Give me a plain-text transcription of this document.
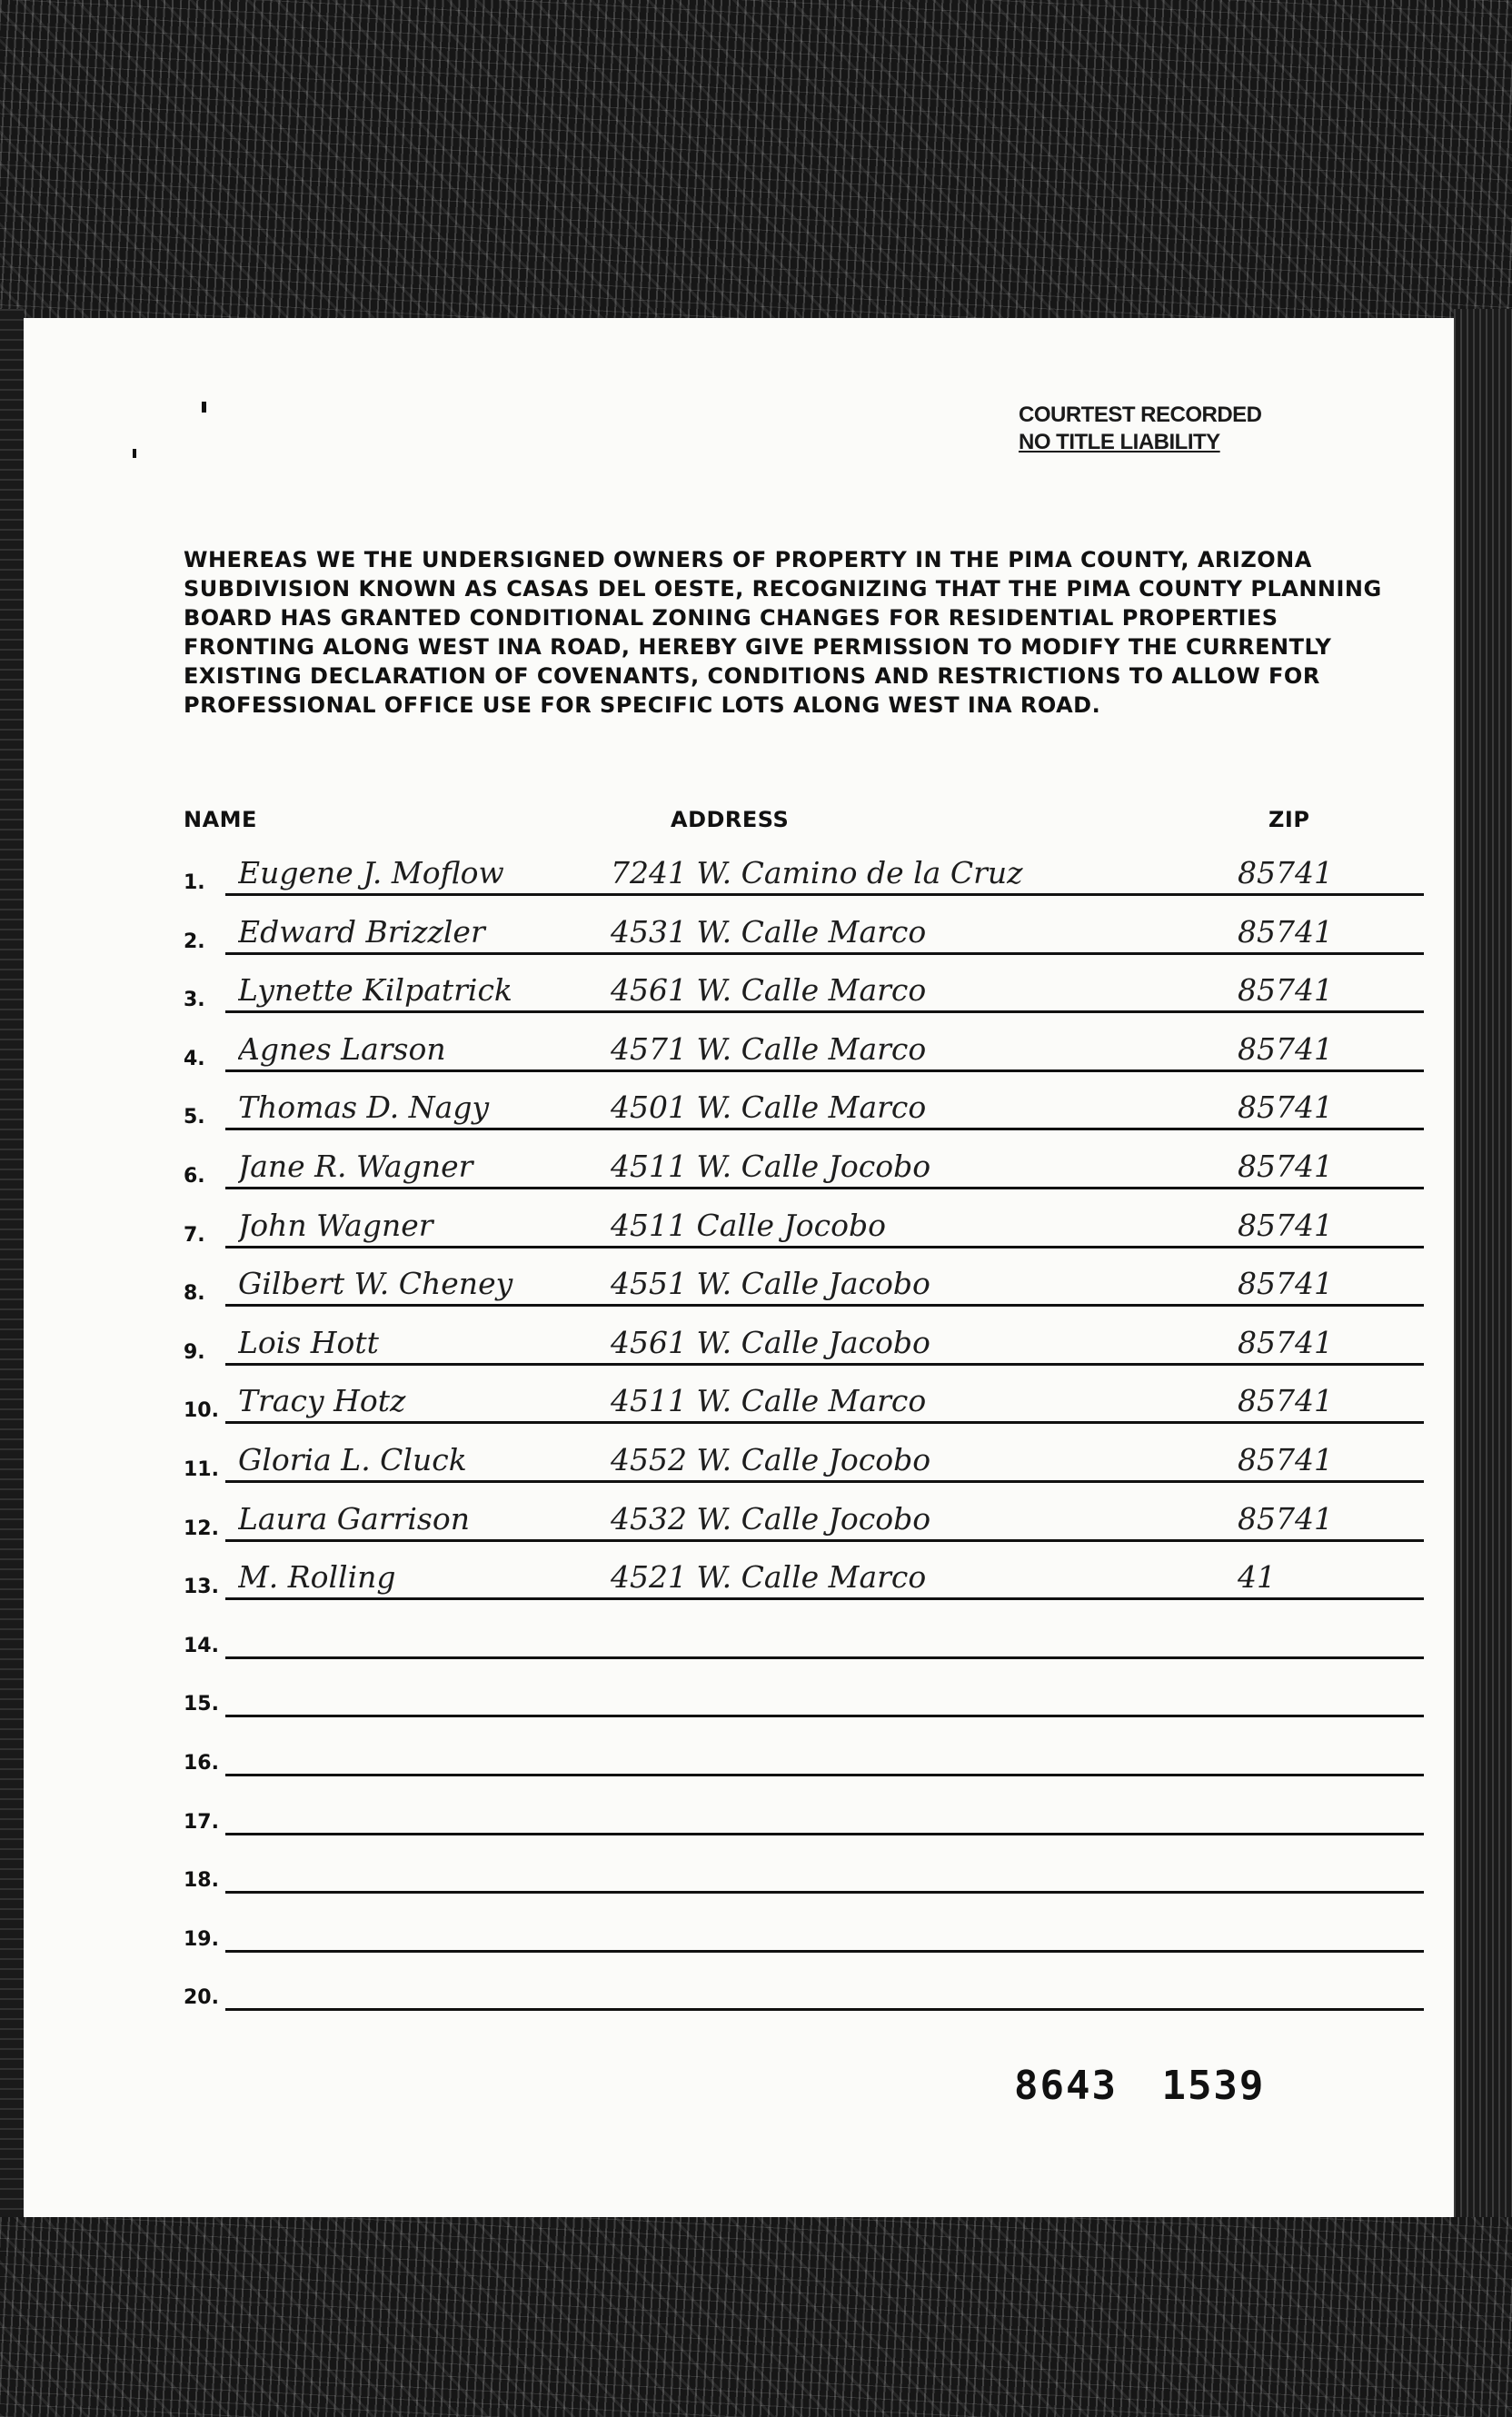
COURTEST RECORDED
NO TITLE LIABILITY

WHEREAS WE THE UNDERSIGNED OWNERS OF PROPERTY IN THE PIMA COUNTY, ARIZONA SUBDIVISION KNOWN AS CASAS DEL OESTE, RECOGNIZING THAT THE PIMA COUNTY PLANNING BOARD HAS GRANTED CONDITIONAL ZONING CHANGES FOR RESIDENTIAL PROPERTIES FRONTING ALONG WEST INA ROAD, HEREBY GIVE PERMISSION TO MODIFY THE CURRENTLY EXISTING DECLARATION OF COVENANTS, CONDITIONS AND RESTRICTIONS TO ALLOW FOR PROFESSIONAL OFFICE USE FOR SPECIFIC LOTS ALONG WEST INA ROAD.

NAME	ADDRESS	ZIP
1. Eugene J. Moflow	7241 W. Camino de la Cruz	85741
2. Edward Brizzler	4531 W. Calle Marco	85741
3. Lynette Kilpatrick	4561 W. Calle Marco	85741
4. Agnes Larson	4571 W. Calle Marco	85741
5. Thomas D. Nagy	4501 W. Calle Marco	85741
6. Jane R. Wagner	4511 W. Calle Jocobo	85741
7. John Wagner	4511 Calle Jocobo	85741
8. Gilbert W. Cheney	4551 W. Calle Jacobo	85741
9. Lois Hott	4561 W. Calle Jacobo	85741
10. Tracy Hotz	4511 W. Calle Marco	85741
11. Gloria L. Cluck	4552 W. Calle Jocobo	85741
12. Laura Garrison	4532 W. Calle Jocobo	85741
13. M. Rolling	4521 W. Calle Marco	41
14.
15.
16.
17.
18.
19.
20.
8643 1539
